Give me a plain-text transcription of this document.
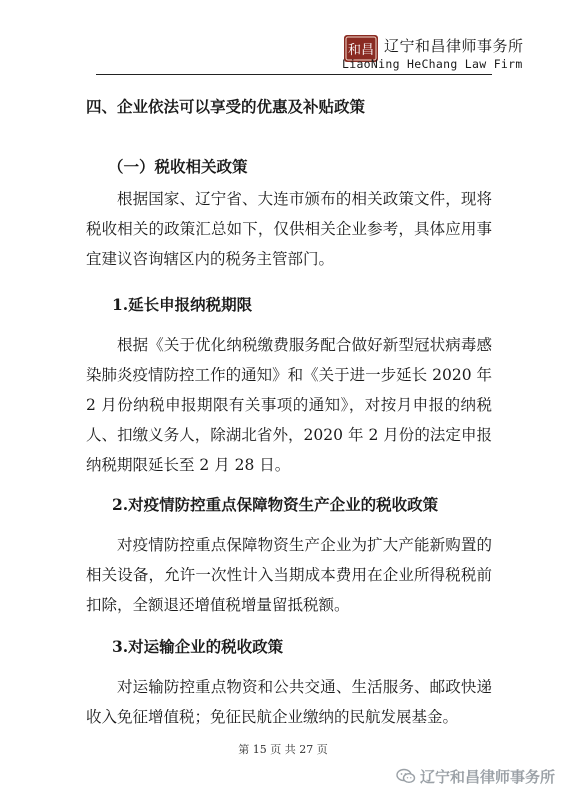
和昌 辽宁和昌律师事务所
LiaoNing HeChang Law Firm

四、企业依法可以享受的优惠及补贴政策

（一）税收相关政策

根据国家、辽宁省、大连市颁布的相关政策文件，现将税收相关的政策汇总如下，仅供相关企业参考，具体应用事宜建议咨询辖区内的税务主管部门。

1.延长申报纳税期限

根据《关于优化纳税缴费服务配合做好新型冠状病毒感染肺炎疫情防控工作的通知》和《关于进一步延长 2020 年 2 月份纳税申报期限有关事项的通知》，对按月申报的纳税人、扣缴义务人，除湖北省外，2020 年 2 月份的法定申报纳税期限延长至 2 月 28 日。

2.对疫情防控重点保障物资生产企业的税收政策

对疫情防控重点保障物资生产企业为扩大产能新购置的相关设备，允许一次性计入当期成本费用在企业所得税税前扣除，全额退还增值税增量留抵税额。

3.对运输企业的税收政策

对运输防控重点物资和公共交通、生活服务、邮政快递收入免征增值税；免征民航企业缴纳的民航发展基金。

第 15 页 共 27 页
辽宁和昌律师事务所
